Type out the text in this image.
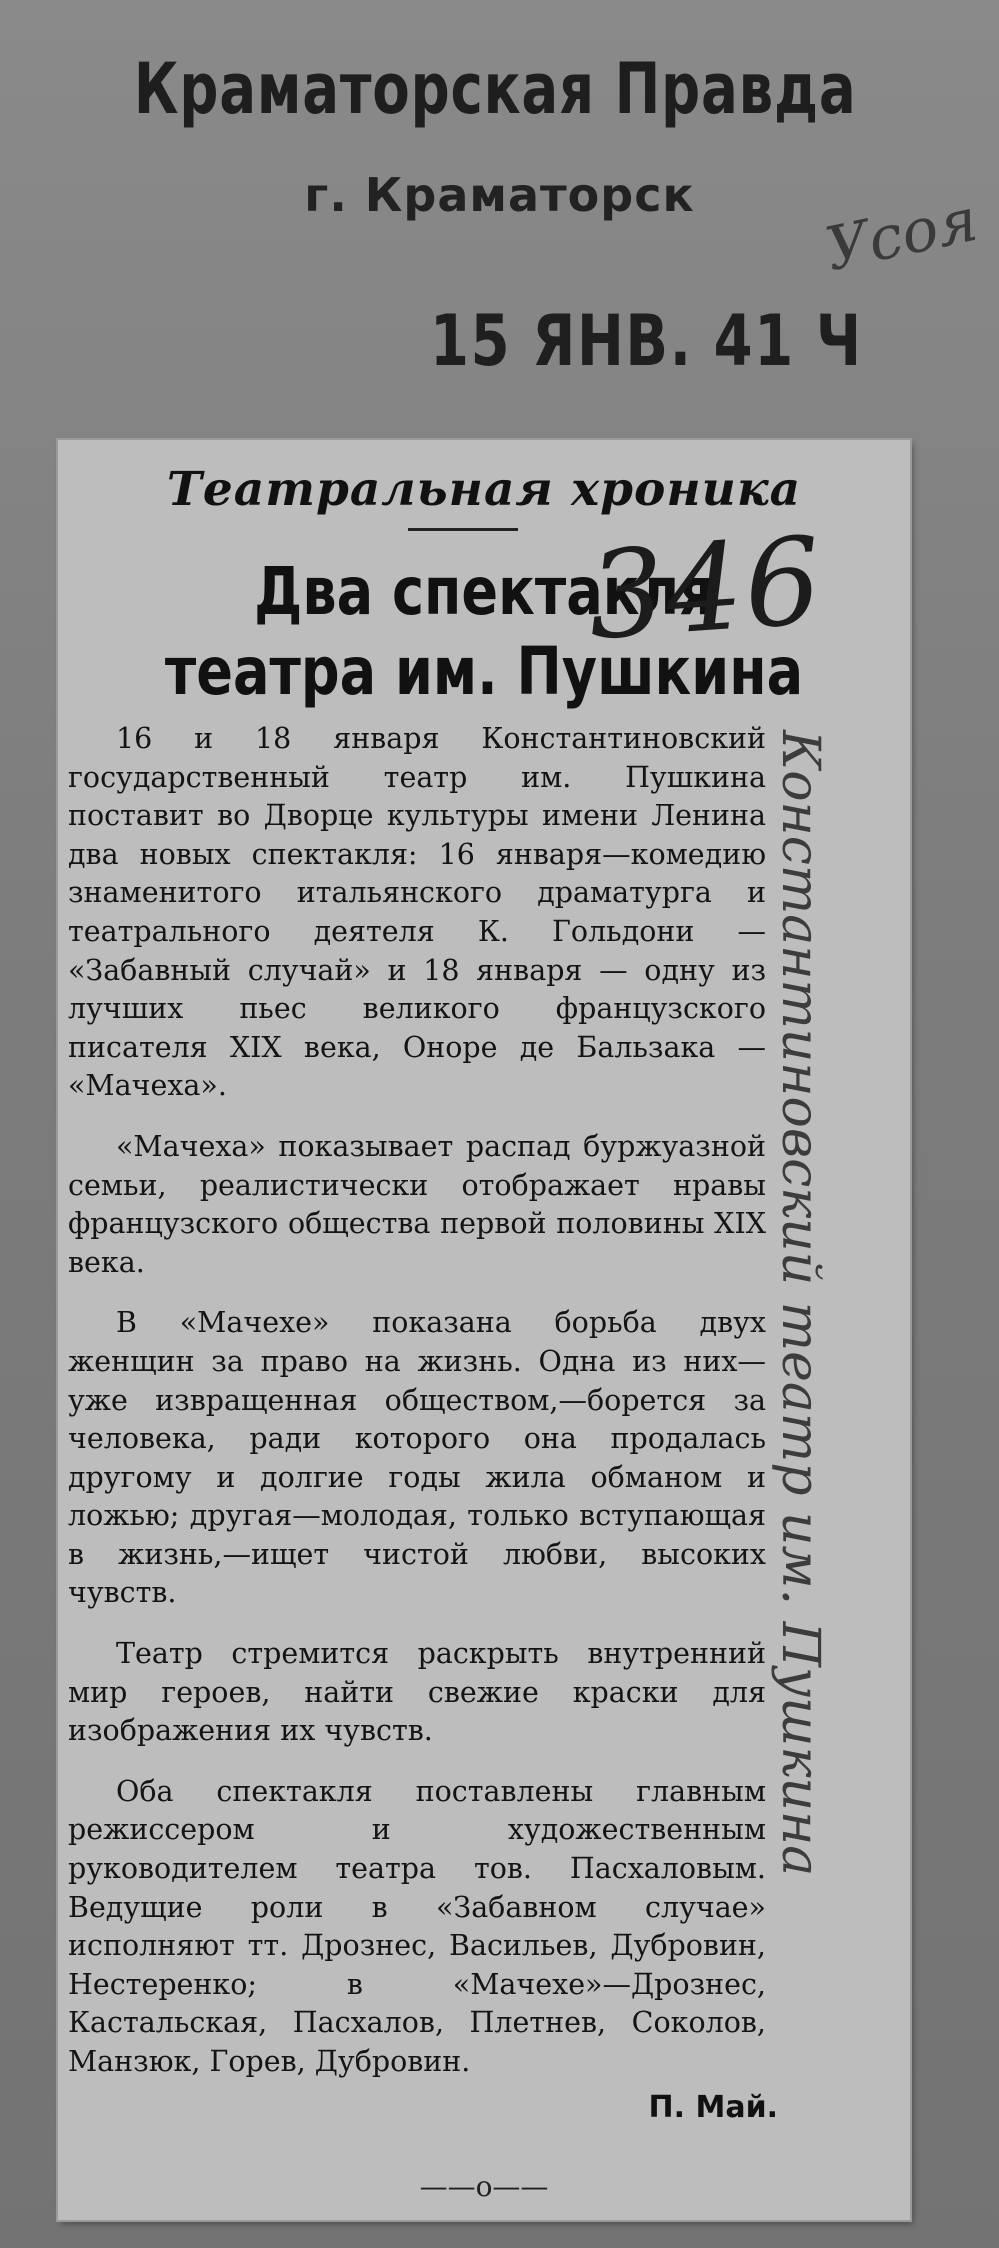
Краматорская Правда
г. Краматорск
15 ЯНВ. 41 Ч
Усоя
Театральная хроника
Два спектакля
театра им. Пушкина
346
Константиновский театр им. Пушкина

16 и 18 января Константиновский государственный театр им. Пушкина поставит во Дворце культуры имени Ленина два новых спектакля: 16 января—комедию знаменитого итальянского драматурга и театрального деятеля К. Гольдони — «Забавный случай» и 18 января — одну из лучших пьес великого французского писателя XIX века, Оноре де Бальзака — «Мачеха».

«Мачеха» показывает распад буржуазной семьи, реалистически отображает нравы французского общества первой половины XIX века.

В «Мачехе» показана борьба двух женщин за право на жизнь. Одна из них—уже извращенная обществом,—борется за человека, ради которого она продалась другому и долгие годы жила обманом и ложью; другая—молодая, только вступающая в жизнь,—ищет чистой любви, высоких чувств.

Театр стремится раскрыть внутренний мир героев, найти свежие краски для изображения их чувств.

Оба спектакля поставлены главным режиссером и художественным руководителем театра тов. Пасхаловым. Ведущие роли в «Забавном случае» исполняют тт. Дрознес, Васильев, Дубровин, Нестеренко; в «Мачехе»—Дрознес, Кастальская, Пасхалов, Плетнев, Соколов, Манзюк, Горев, Дубровин.

П. Май.
——о——
